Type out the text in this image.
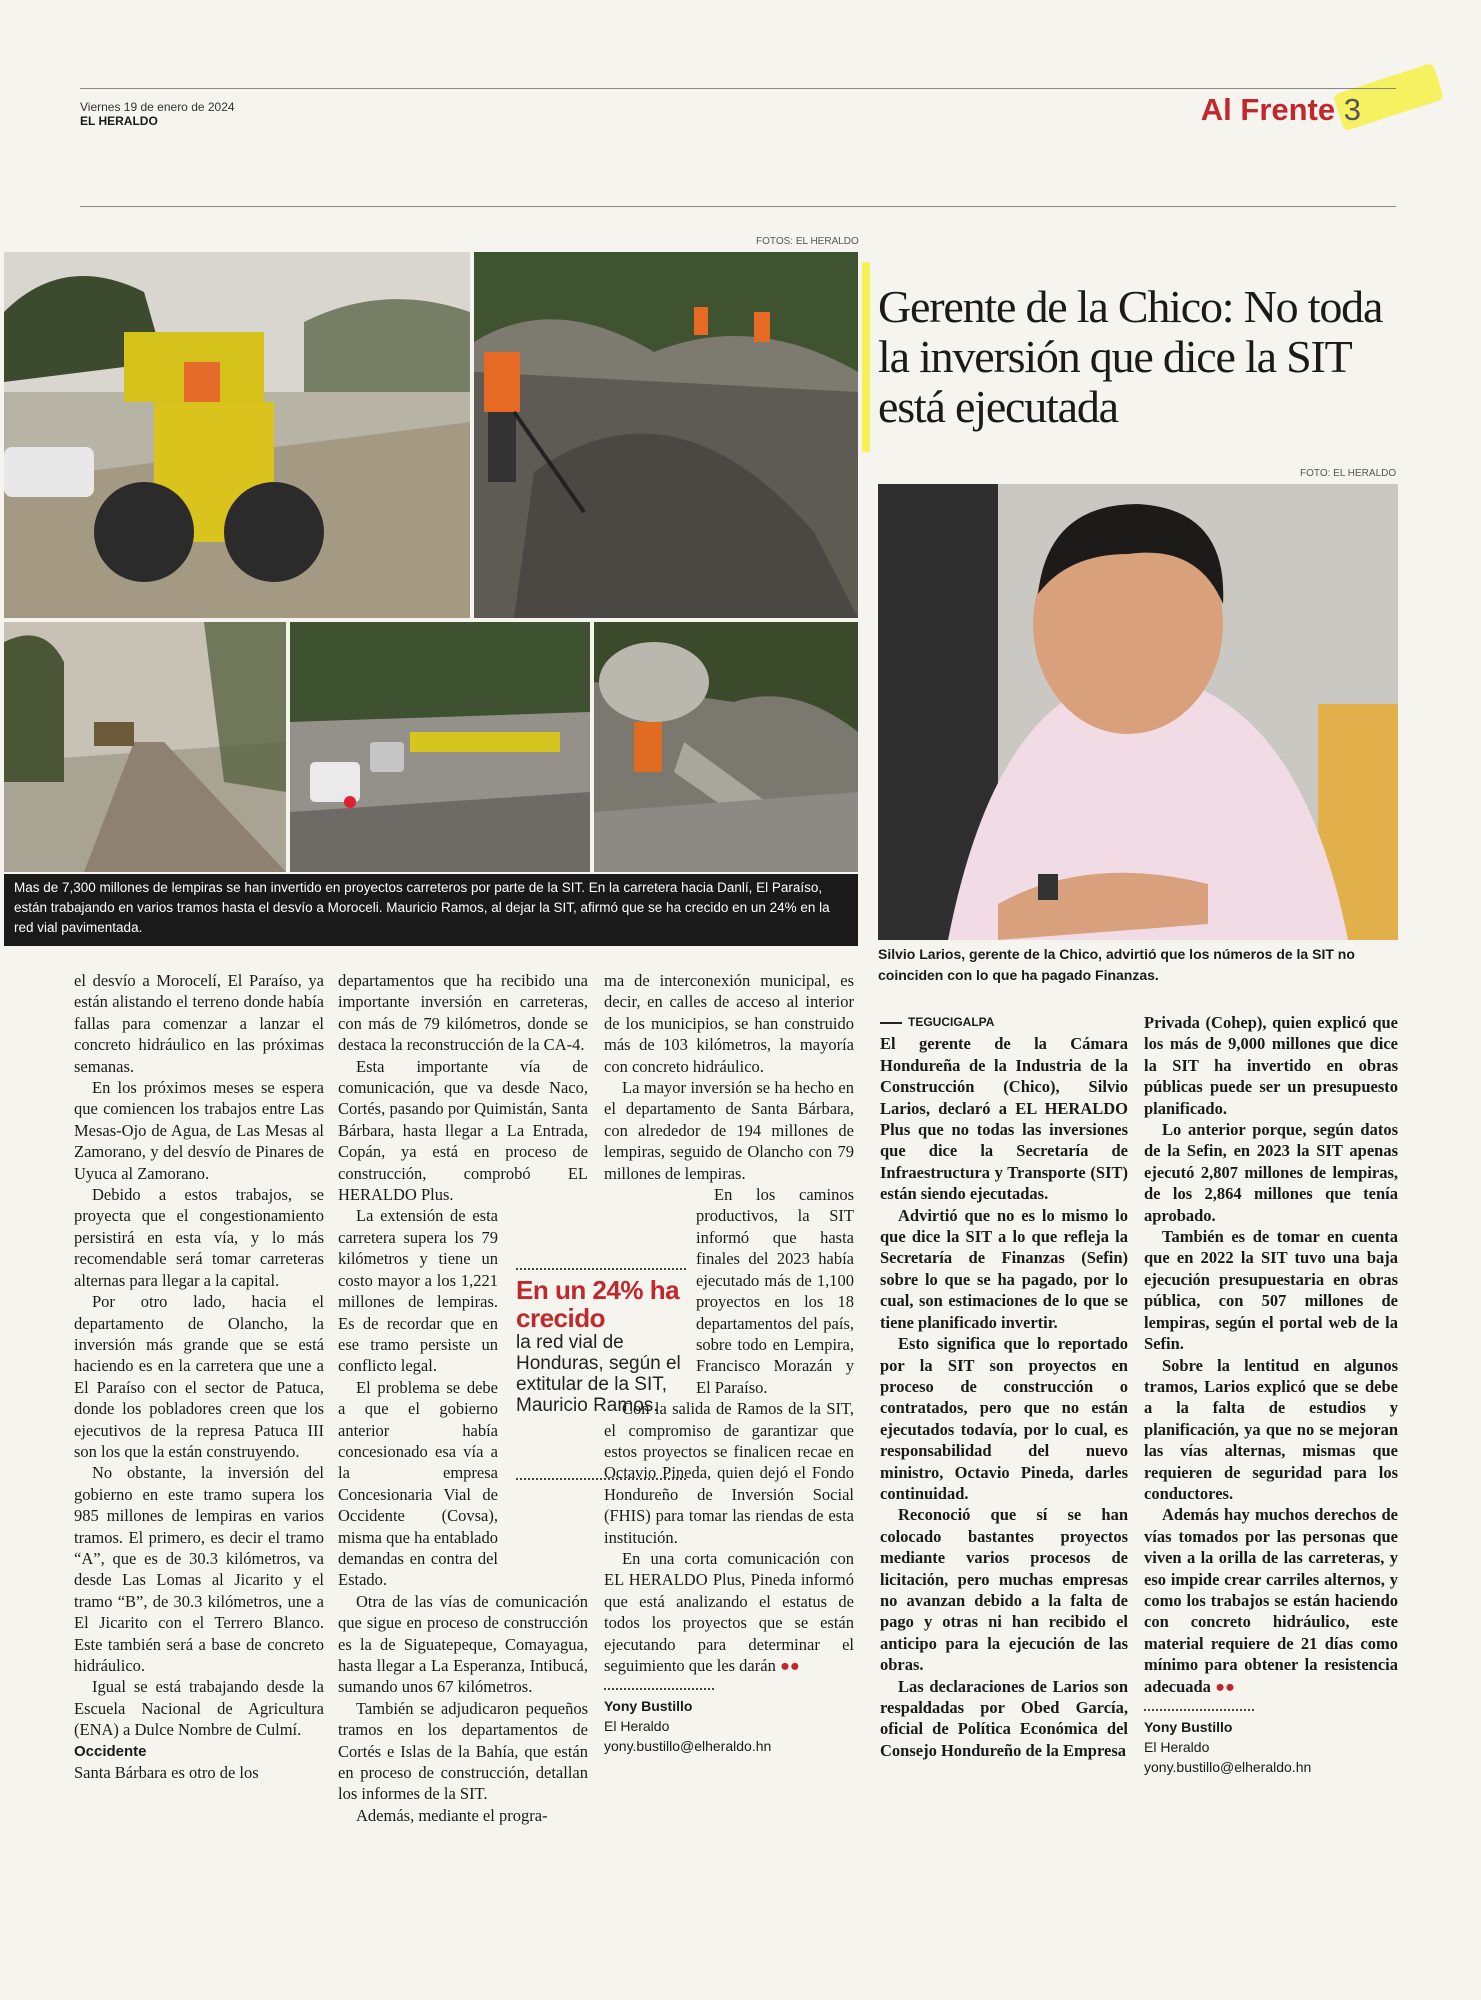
Viernes 19 de enero de 2024
EL HERALDO	Al Frente 3
FOTOS: EL HERALDO
Mas de 7,300 millones de lempiras se han invertido en proyectos carreteros por parte de la SIT. En la carretera hacia Danlí, El Paraíso, están trabajando en varios tramos hasta el desvío a Moroceli. Mauricio Ramos, al dejar la SIT, afirmó que se ha crecido en un 24% en la red vial pavimentada.
Gerente de la Chico: No toda la inversión que dice la SIT está ejecutada
FOTO: EL HERALDO
Silvio Larios, gerente de la Chico, advirtió que los números de la SIT no coinciden con lo que ha pagado Finanzas.

el desvío a Morocelí, El Paraíso, ya están alistando el terreno donde había fallas para comenzar a lanzar el concreto hidráulico en las próximas semanas.

En los próximos meses se espera que comiencen los trabajos entre Las Mesas-Ojo de Agua, de Las Mesas al Zamorano, y del desvío de Pinares de Uyuca al Zamorano.

Debido a estos trabajos, se proyecta que el congestionamiento persistirá en esta vía, y lo más recomendable será tomar carreteras alternas para llegar a la capital.

Por otro lado, hacia el departamento de Olancho, la inversión más grande que se está haciendo es en la carretera que une a El Paraíso con el sector de Patuca, donde los pobladores creen que los ejecutivos de la represa Patuca III son los que la están construyendo.

No obstante, la inversión del gobierno en este tramo supera los 985 millones de lempiras en varios tramos. El primero, es decir el tramo “A”, que es de 30.3 kilómetros, va desde Las Lomas al Jicarito y el tramo “B”, de 30.3 kilómetros, une a El Jicarito con el Terrero Blanco. Este también será a base de concreto hidráulico.

Igual se está trabajando desde la Escuela Nacional de Agricultura (ENA) a Dulce Nombre de Culmí.

Occidente

Santa Bárbara es otro de los

departamentos que ha recibido una importante inversión en carreteras, con más de 79 kilómetros, donde se destaca la reconstrucción de la CA-4.

Esta importante vía de comunicación, que va desde Naco, Cortés, pasando por Quimistán, Santa Bárbara, hasta llegar a La Entrada, Copán, ya está en proceso de construcción, comprobó EL HERALDO Plus.

La extensión de esta carretera supera los 79 kilómetros y tiene un costo mayor a los 1,221 millones de lempiras. Es de recordar que en ese tramo persiste un conflicto legal.

El problema se debe a que el gobierno anterior había concesionado esa vía a la empresa Concesionaria Vial de Occidente (Covsa), misma que ha entablado demandas en contra del Estado.

Otra de las vías de comunicación que sigue en proceso de construcción es la de Siguatepeque, Comayagua, hasta llegar a La Esperanza, Intibucá, sumando unos 67 kilómetros.

También se adjudicaron pequeños tramos en los departamentos de Cortés e Islas de la Bahía, que están en proceso de construcción, detallan los informes de la SIT.

Además, mediante el progra-

En un 24% ha crecido
la red vial de Honduras, según el extitular de la SIT, Mauricio Ramos.

ma de interconexión municipal, es decir, en calles de acceso al interior de los municipios, se han construido más de 103 kilómetros, la mayoría con concreto hidráulico.

La mayor inversión se ha hecho en el departamento de Santa Bárbara, con alrededor de 194 millones de lempiras, seguido de Olancho con 79 millones de lempiras.

En los caminos productivos, la SIT informó que hasta finales del 2023 había ejecutado más de 1,100 proyectos en los 18 departamentos del país, sobre todo en Lempira, Francisco Morazán y El Paraíso.

Con la salida de Ramos de la SIT, el compromiso de garantizar que estos proyectos se finalicen recae en Octavio Pineda, quien dejó el Fondo Hondureño de Inversión Social (FHIS) para tomar las riendas de esta institución.

En una corta comunicación con EL HERALDO Plus, Pineda informó que está analizando el estatus de todos los proyectos que se están ejecutando para determinar el seguimiento que les darán ●●

Yony Bustillo
El Heraldo
yony.bustillo@elheraldo.hn
TEGUCIGALPA

El gerente de la Cámara Hondureña de la Industria de la Construcción (Chico), Silvio Larios, declaró a EL HERALDO Plus que no todas las inversiones que dice la Secretaría de Infraestructura y Transporte (SIT) están siendo ejecutadas.

Advirtió que no es lo mismo lo que dice la SIT a lo que refleja la Secretaría de Finanzas (Sefin) sobre lo que se ha pagado, por lo cual, son estimaciones de lo que se tiene planificado invertir.

Esto significa que lo reportado por la SIT son proyectos en proceso de construcción o contratados, pero que no están ejecutados todavía, por lo cual, es responsabilidad del nuevo ministro, Octavio Pineda, darles continuidad.

Reconoció que sí se han colocado bastantes proyectos mediante varios procesos de licitación, pero muchas empresas no avanzan debido a la falta de pago y otras ni han recibido el anticipo para la ejecución de las obras.

Las declaraciones de Larios son respaldadas por Obed García, oficial de Política Económica del Consejo Hondureño de la Empresa

Privada (Cohep), quien explicó que los más de 9,000 millones que dice la SIT ha invertido en obras públicas puede ser un presupuesto planificado.

Lo anterior porque, según datos de la Sefin, en 2023 la SIT apenas ejecutó 2,807 millones de lempiras, de los 2,864 millones que tenía aprobado.

También es de tomar en cuenta que en 2022 la SIT tuvo una baja ejecución presupuestaria en obras pública, con 507 millones de lempiras, según el portal web de la Sefin.

Sobre la lentitud en algunos tramos, Larios explicó que se debe a la falta de estudios y planificación, ya que no se mejoran las vías alternas, mismas que requieren de seguridad para los conductores.

Además hay muchos derechos de vías tomados por las personas que viven a la orilla de las carreteras, y eso impide crear carriles alternos, y como los trabajos se están haciendo con concreto hidráulico, este material requiere de 21 días como mínimo para obtener la resistencia adecuada ●●

Yony Bustillo
El Heraldo
yony.bustillo@elheraldo.hn
